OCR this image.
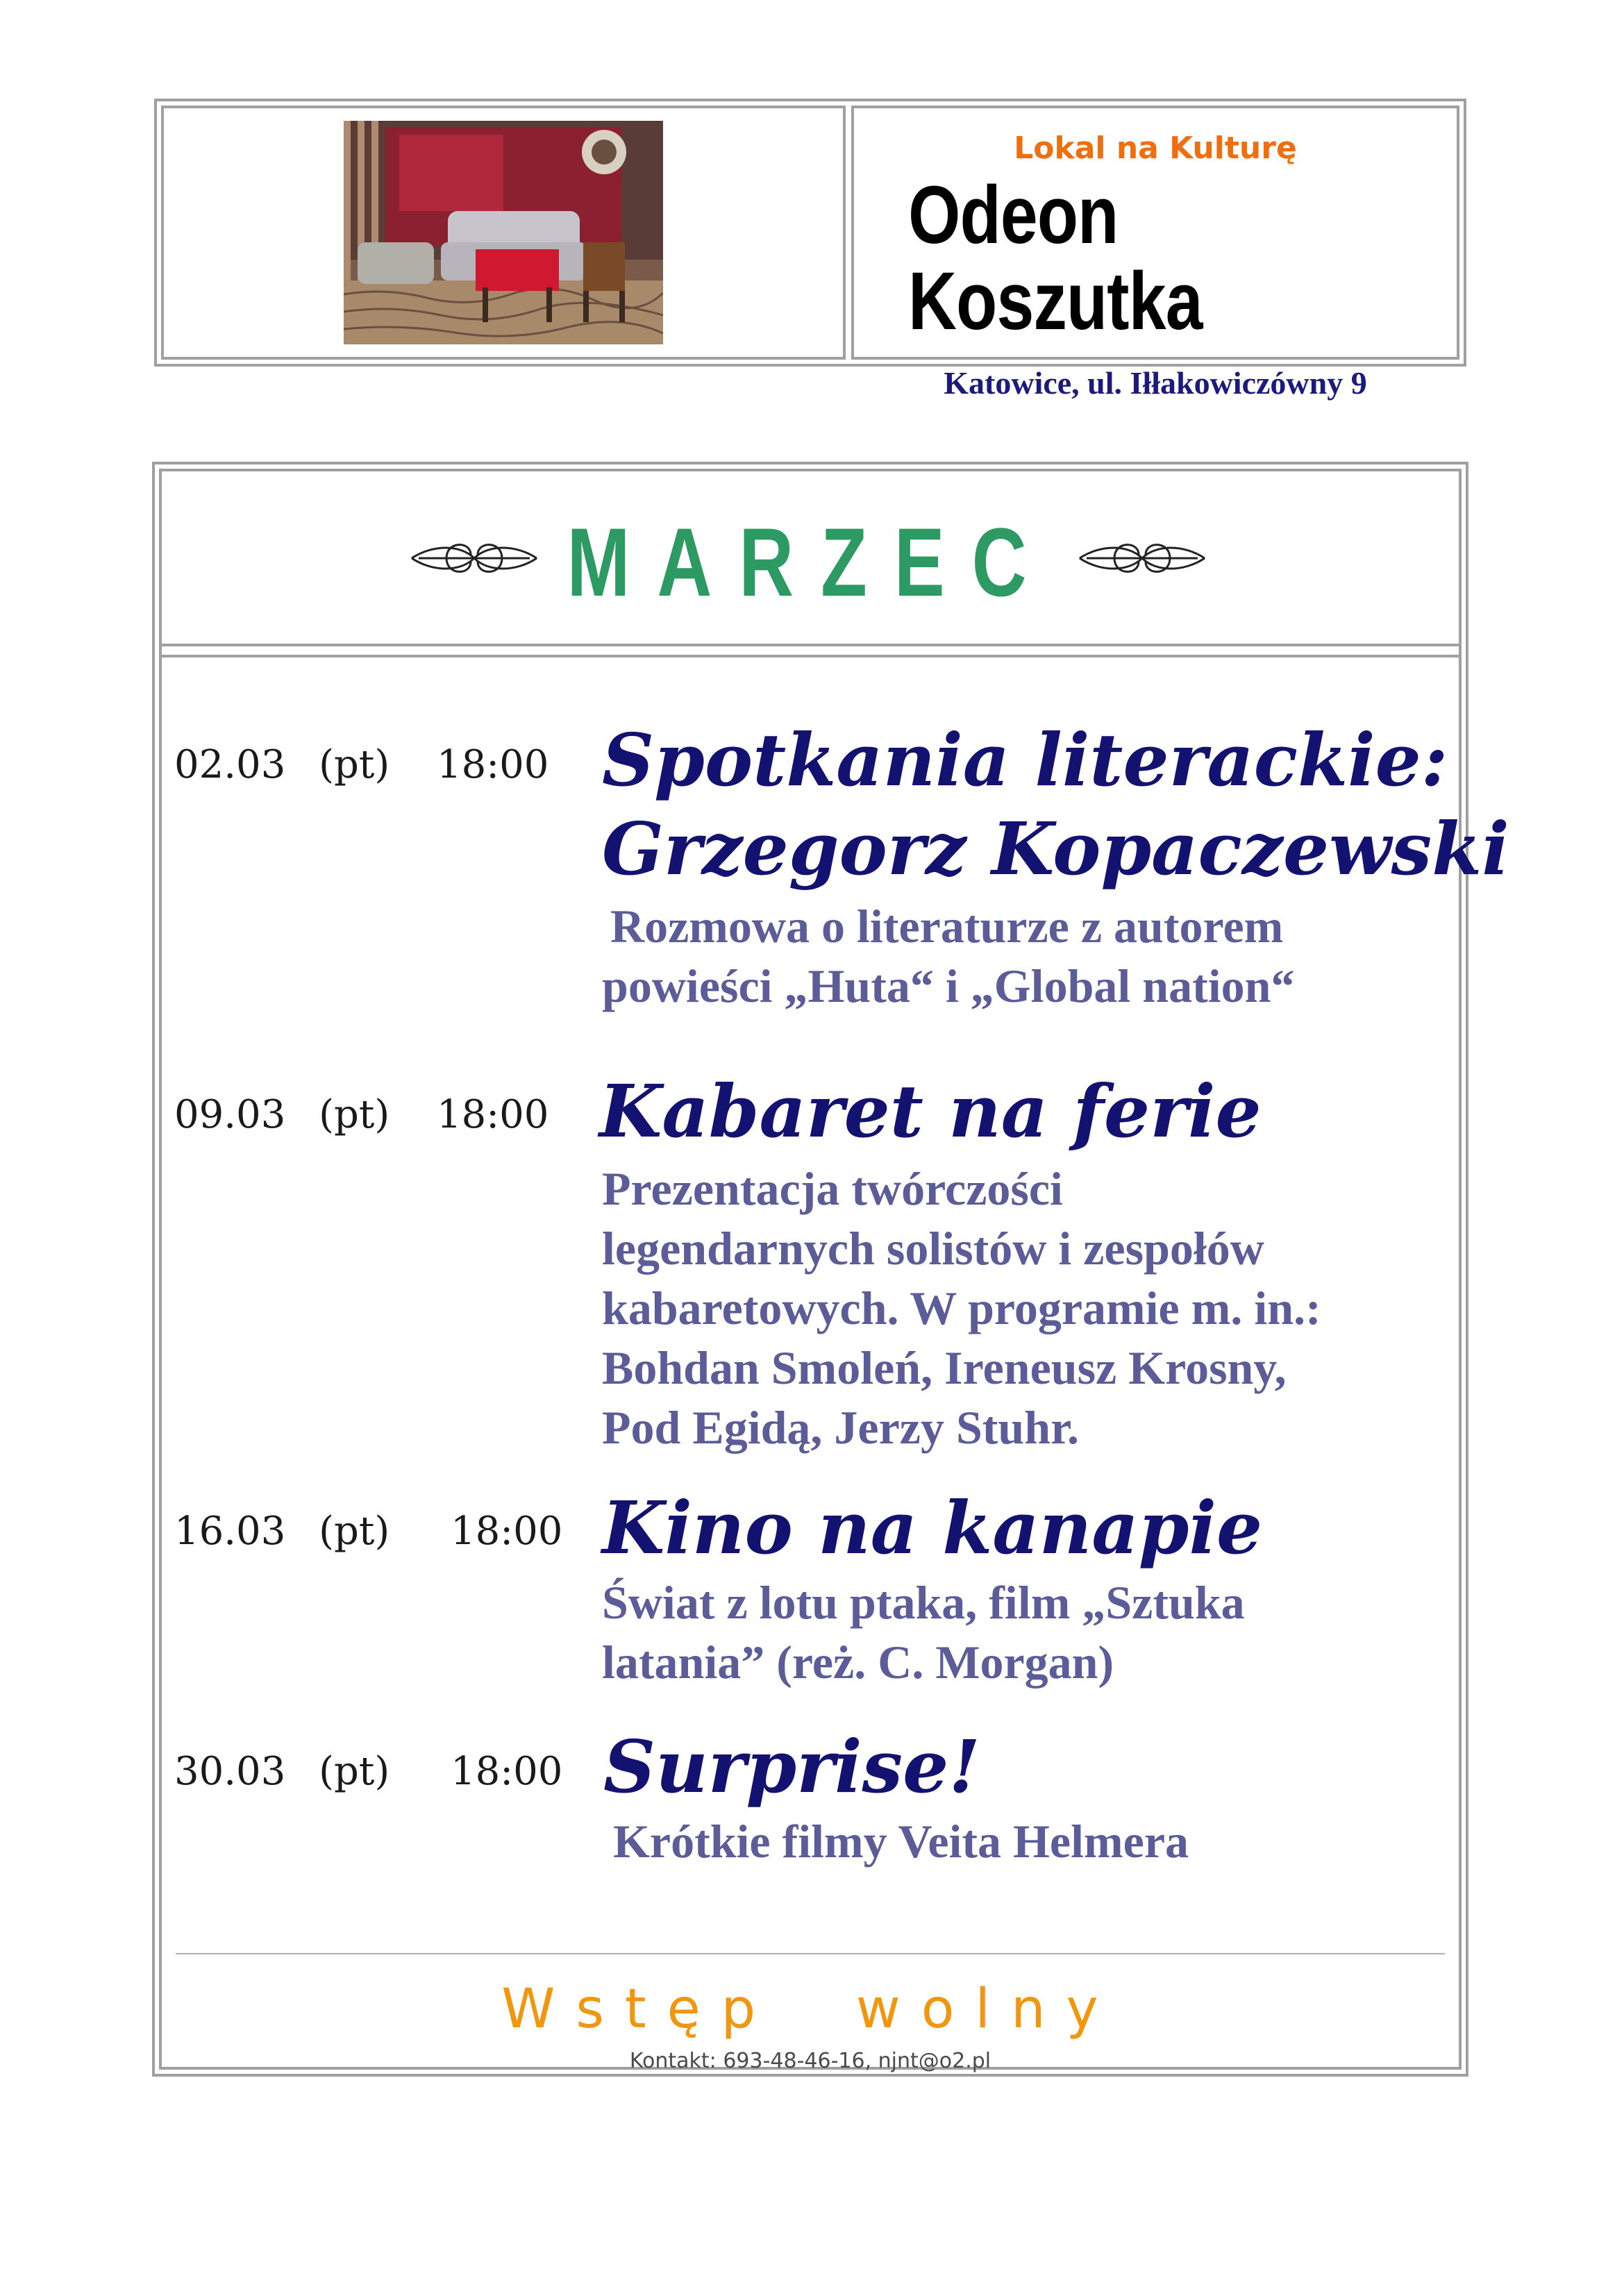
Lokal na Kulturę
Odeon Koszutka
Katowice, ul. Iłłakowiczówny 9
MARZEC
02.03 (pt) 18:00 Spotkania literackie:
Grzegorz Kopaczewski
Rozmowa o literaturze z autorem
powieści „Huta“ i „Global nation“
09.03 (pt) 18:00 Kabaret na ferie
Prezentacja twórczości
legendarnych solistów i zespołów
kabaretowych. W programie m. in.:
Bohdan Smoleń, Ireneusz Krosny,
Pod Egidą, Jerzy Stuhr.
16.03 (pt) 18:00 Kino na kanapie
Świat z lotu ptaka, film „Sztuka
latania” (reż. C. Morgan)
30.03 (pt) 18:00 Surprise!
Krótkie filmy Veita Helmera
Wstęp wolny
Kontakt: 693-48-46-16, njnt@o2.pl
